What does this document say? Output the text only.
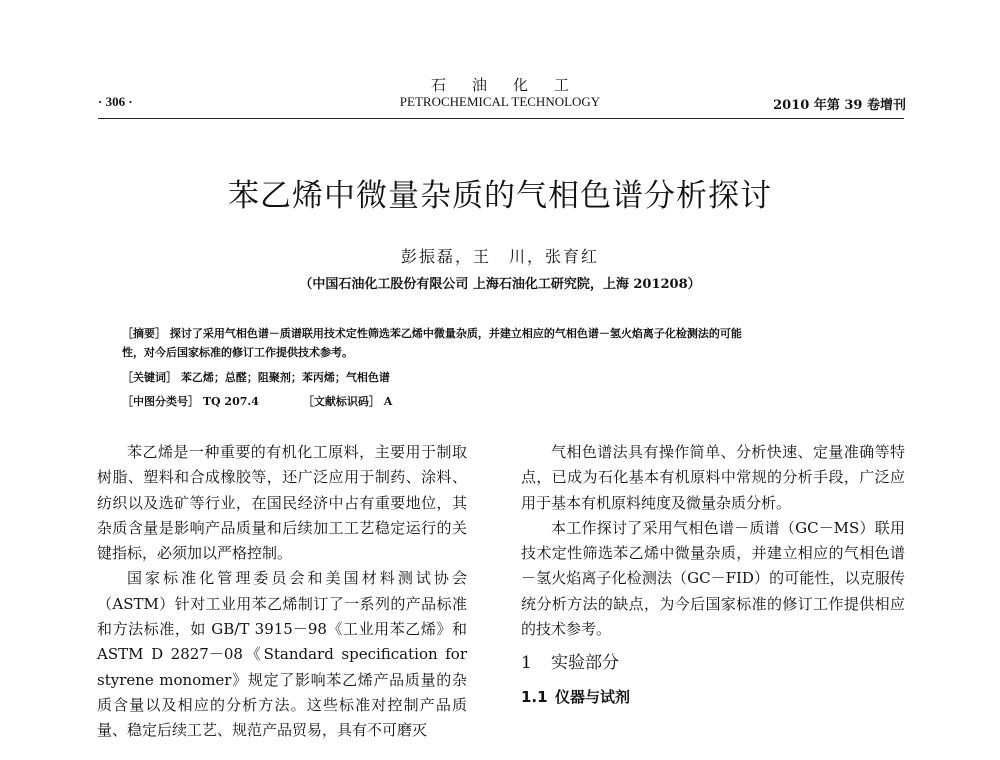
石油化工
PETROCHEMICAL TECHNOLOGY
· 306 ·	2010 年第 39 卷增刊
苯乙烯中微量杂质的气相色谱分析探讨
彭振磊，王　川，张育红
（中国石油化工股份有限公司 上海石油化工研究院，上海 201208）
［摘要］ 探讨了采用气相色谱－质谱联用技术定性筛选苯乙烯中微量杂质，并建立相应的气相色谱－氢火焰离子化检测法的可能
性，对今后国家标准的修订工作提供技术参考。
［关键词］ 苯乙烯；总醛；阻聚剂；苯丙烯；气相色谱
［中图分类号］ TQ 207.4	［文献标识码］ A

苯乙烯是一种重要的有机化工原料，主要用于制取树脂、塑料和合成橡胶等，还广泛应用于制药、涂料、纺织以及选矿等行业，在国民经济中占有重要地位，其杂质含量是影响产品质量和后续加工工艺稳定运行的关键指标，必须加以严格控制。

国家标准化管理委员会和美国材料测试协会（ASTM）针对工业用苯乙烯制订了一系列的产品标准和方法标准，如 GB/T 3915－98《工业用苯乙烯》和 ASTM D 2827－08《Standard specification for styrene monomer》规定了影响苯乙烯产品质量的杂质含量以及相应的分析方法。这些标准对控制产品质量、稳定后续工艺、规范产品贸易，具有不可磨灭

气相色谱法具有操作简单、分析快速、定量准确等特点，已成为石化基本有机原料中常规的分析手段，广泛应用于基本有机原料纯度及微量杂质分析。

本工作探讨了采用气相色谱－质谱（GC－MS）联用技术定性筛选苯乙烯中微量杂质，并建立相应的气相色谱－氢火焰离子化检测法（GC－FID）的可能性，以克服传统分析方法的缺点，为今后国家标准的修订工作提供相应的技术参考。

1 实验部分
1.1 仪器与试剂
